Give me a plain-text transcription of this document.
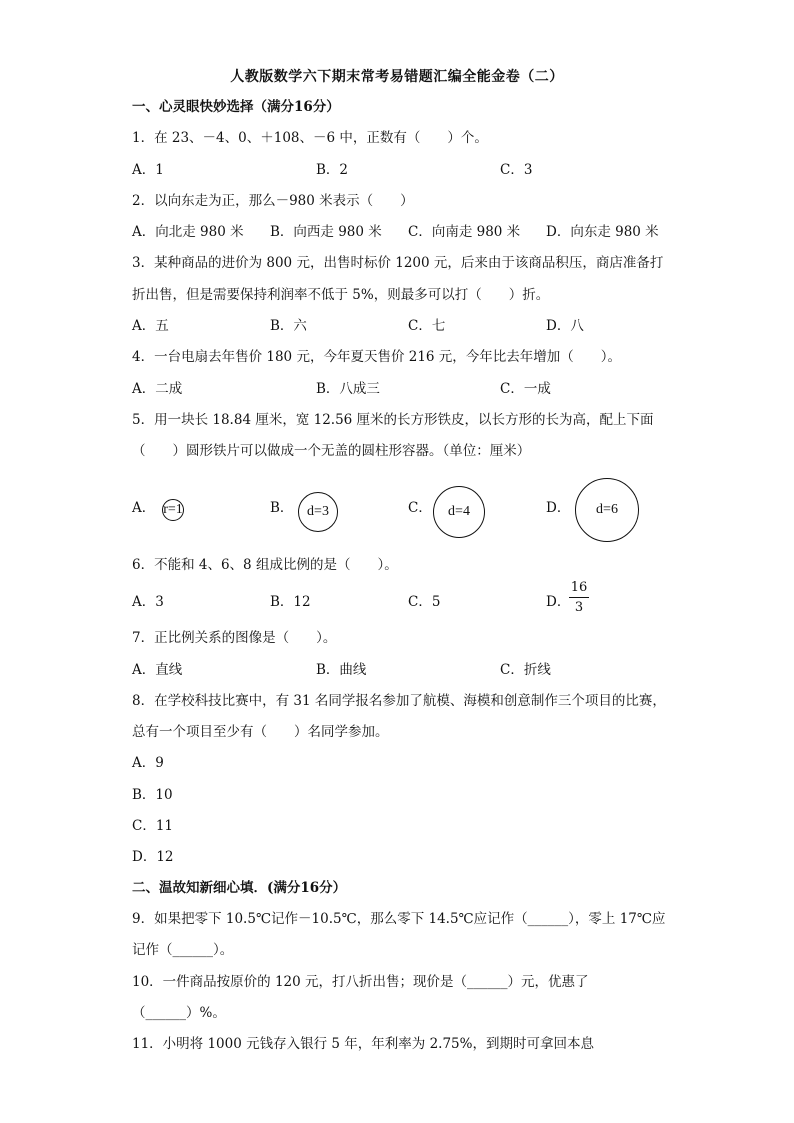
人教版数学六下期末常考易错题汇编全能金卷（二）
一、心灵眼快妙选择（满分16分）
1．在 23、－4、0、＋108、－6 中，正数有（　　）个。
A．1	B．2	C．3
2．以向东走为正，那么－980 米表示（　　）
A．向北走 980 米 B．向西走 980 米 C．向南走 980 米 D．向东走 980 米
3．某种商品的进价为 800 元，出售时标价 1200 元，后来由于该商品积压，商店准备打
折出售，但是需要保持利润率不低于 5%，则最多可以打（　　）折。
A．五	B．六	C．七	D．八
4．一台电扇去年售价 180 元，今年夏天售价 216 元，今年比去年增加（　　）。
A．二成	B．八成三	C．一成
5．用一块长 18.84 厘米，宽 12.56 厘米的长方形铁皮，以长方形的长为高，配上下面
（　　）圆形铁片可以做成一个无盖的圆柱形容器。（单位：厘米）
A． r=1	B． d=3	C． d=4	D． d=6
6．不能和 4、6、8 组成比例的是（　　）。
A．3	B．12	C．5	D．
16
3
7．正比例关系的图像是（　　）。
A．直线	B．曲线	C．折线
8．在学校科技比赛中，有 31 名同学报名参加了航模、海模和创意制作三个项目的比赛，
总有一个项目至少有（　　）名同学参加。
A．9
B．10
C．11
D．12
二、温故知新细心填．(满分16分）
9．如果把零下 10.5℃记作－10.5℃，那么零下 14.5℃应记作（______），零上 17℃应
记作（______）。
10．一件商品按原价的 120 元，打八折出售；现价是（______）元，优惠了
（______）%。
11．小明将 1000 元钱存入银行 5 年，年利率为 2.75%，到期时可拿回本息
